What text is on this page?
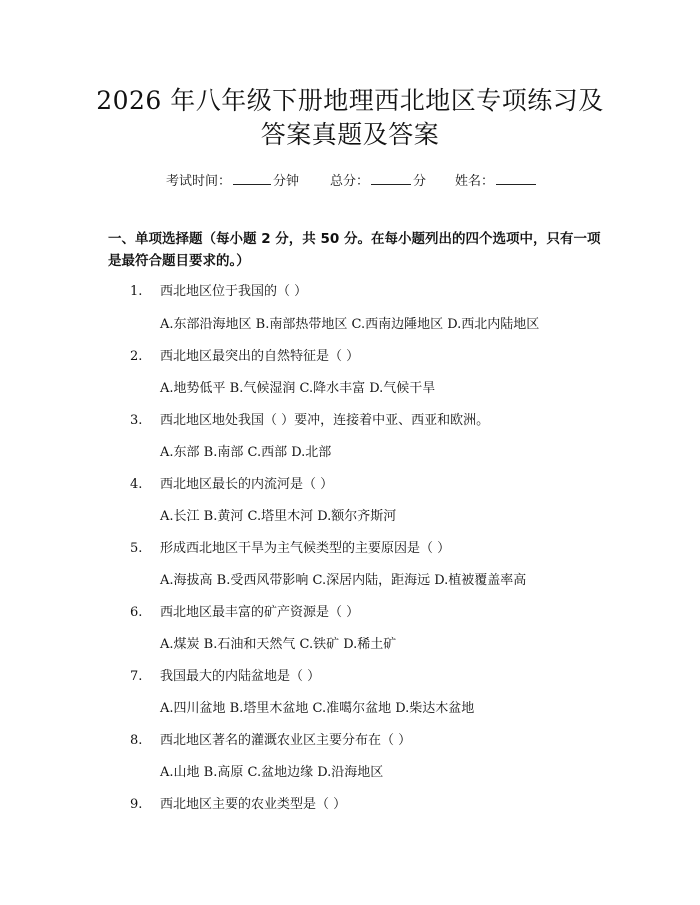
2026 年八年级下册地理西北地区专项练习及
答案真题及答案
考试时间：	分钟 总分：	分 姓名：
一、单项选择题（每小题 2 分，共 50 分。在每小题列出的四个选项中，只有一项
是最符合题目要求的。）
1.	西北地区位于我国的（ ）
A.东部沿海地区 B.南部热带地区 C.西南边陲地区 D.西北内陆地区
2.	西北地区最突出的自然特征是（ ）
A.地势低平 B.气候湿润 C.降水丰富 D.气候干旱
3.	西北地区地处我国（ ）要冲，连接着中亚、西亚和欧洲。
A.东部 B.南部 C.西部 D.北部
4.	西北地区最长的内流河是（ ）
A.长江 B.黄河 C.塔里木河 D.额尔齐斯河
5.	形成西北地区干旱为主气候类型的主要原因是（ ）
A.海拔高 B.受西风带影响 C.深居内陆，距海远 D.植被覆盖率高
6.	西北地区最丰富的矿产资源是（ ）
A.煤炭 B.石油和天然气 C.铁矿 D.稀土矿
7.	我国最大的内陆盆地是（ ）
A.四川盆地 B.塔里木盆地 C.准噶尔盆地 D.柴达木盆地
8.	西北地区著名的灌溉农业区主要分布在（ ）
A.山地 B.高原 C.盆地边缘 D.沿海地区
9.	西北地区主要的农业类型是（ ）
